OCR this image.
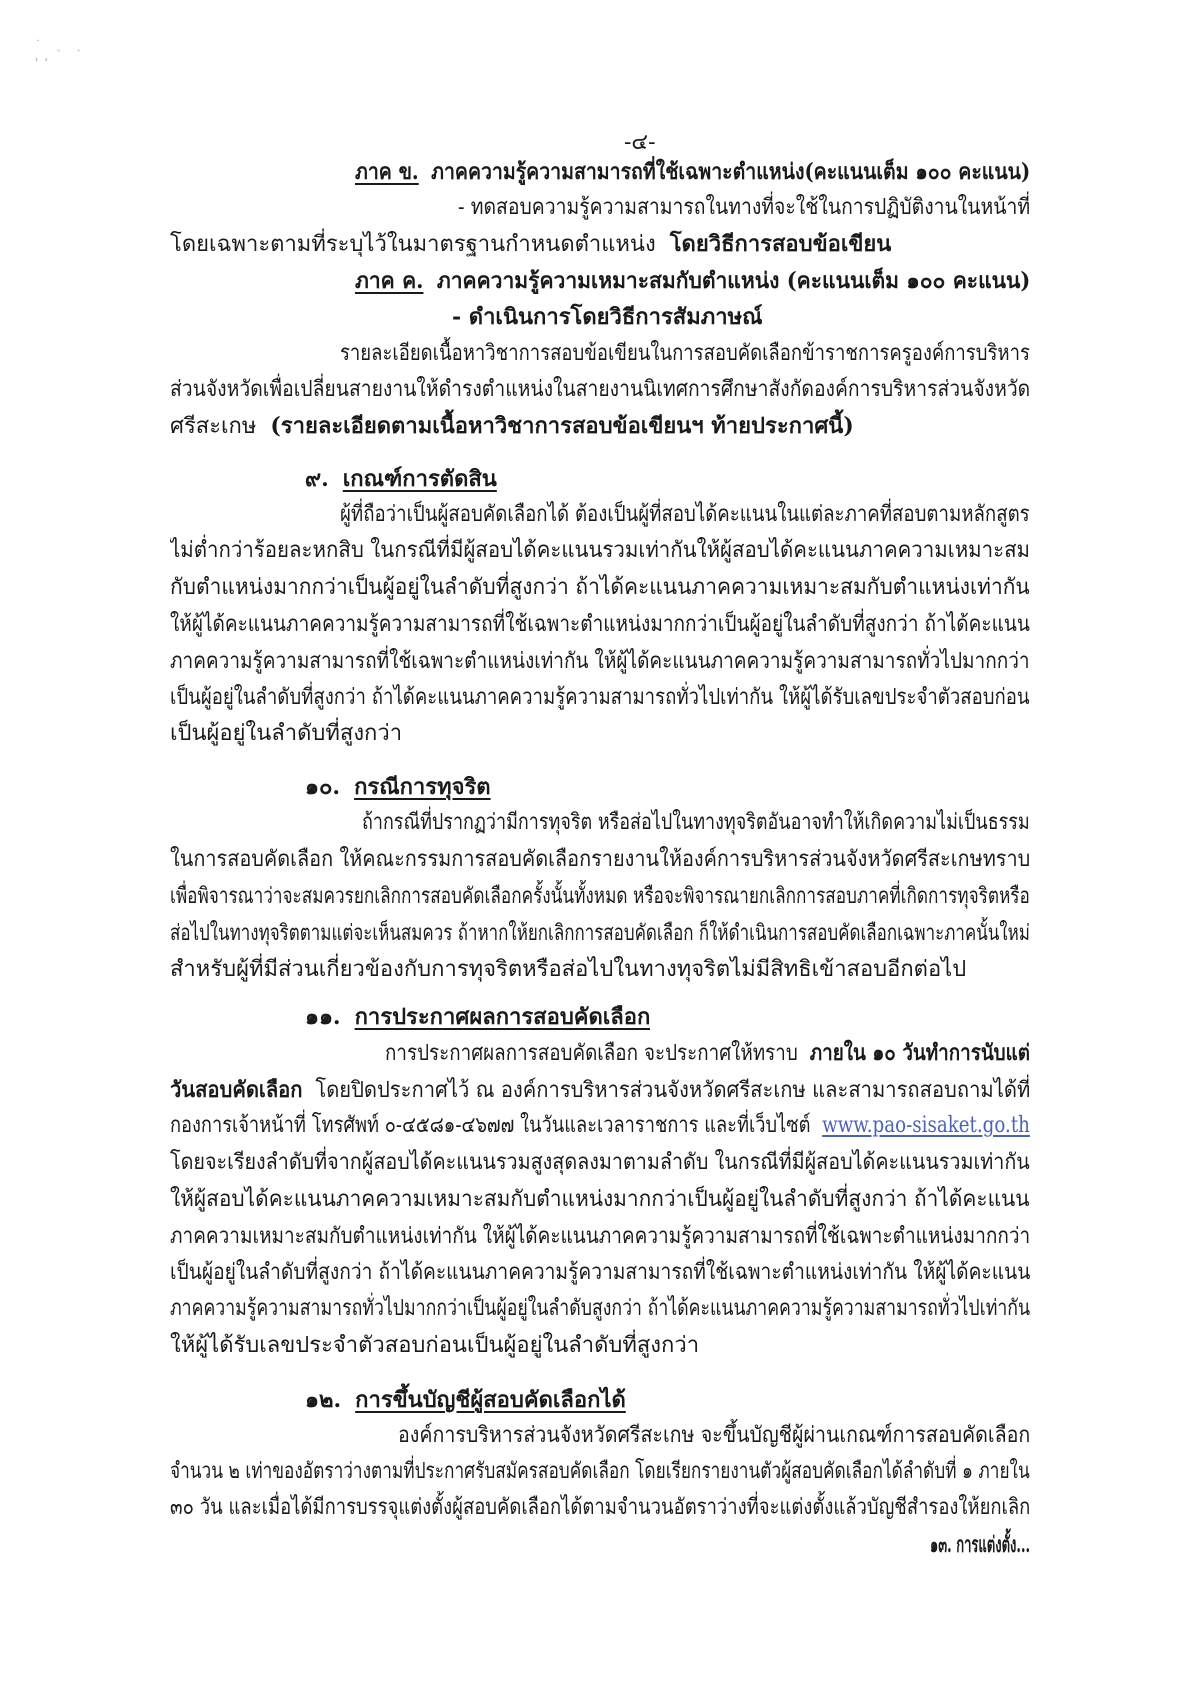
˙ ˏ ˎ
˒˒
-๔-
ภาค ข. ภาคความรู้ความสามารถที่ใช้เฉพาะตำแหน่ง(คะแนนเต็ม ๑๐๐ คะแนน)
- ทดสอบความรู้ความสามารถในทางที่จะใช้ในการปฏิบัติงานในหน้าที่
โดยเฉพาะตามที่ระบุไว้ในมาตรฐานกำหนดตำแหน่ง โดยวิธีการสอบข้อเขียน
ภาค ค. ภาคความรู้ความเหมาะสมกับตำแหน่ง (คะแนนเต็ม ๑๐๐ คะแนน)
- ดำเนินการโดยวิธีการสัมภาษณ์
รายละเอียดเนื้อหาวิชาการสอบข้อเขียนในการสอบคัดเลือกข้าราชการครูองค์การบริหาร
ส่วนจังหวัดเพื่อเปลี่ยนสายงานให้ดำรงตำแหน่งในสายงานนิเทศการศึกษาสังกัดองค์การบริหารส่วนจังหวัด
ศรีสะเกษ (รายละเอียดตามเนื้อหาวิชาการสอบข้อเขียนฯ ท้ายประกาศนี้)
๙. เกณฑ์การตัดสิน
ผู้ที่ถือว่าเป็นผู้สอบคัดเลือกได้ ต้องเป็นผู้ที่สอบได้คะแนนในแต่ละภาคที่สอบตามหลักสูตร
ไม่ต่ำกว่าร้อยละหกสิบ ในกรณีที่มีผู้สอบได้คะแนนรวมเท่ากันให้ผู้สอบได้คะแนนภาคความเหมาะสม
กับตำแหน่งมากกว่าเป็นผู้อยู่ในลำดับที่สูงกว่า ถ้าได้คะแนนภาคความเหมาะสมกับตำแหน่งเท่ากัน
ให้ผู้ได้คะแนนภาคความรู้ความสามารถที่ใช้เฉพาะตำแหน่งมากกว่าเป็นผู้อยู่ในลำดับที่สูงกว่า ถ้าได้คะแนน
ภาคความรู้ความสามารถที่ใช้เฉพาะตำแหน่งเท่ากัน ให้ผู้ได้คะแนนภาคความรู้ความสามารถทั่วไปมากกว่า
เป็นผู้อยู่ในลำดับที่สูงกว่า ถ้าได้คะแนนภาคความรู้ความสามารถทั่วไปเท่ากัน ให้ผู้ได้รับเลขประจำตัวสอบก่อน
เป็นผู้อยู่ในลำดับที่สูงกว่า
๑๐. กรณีการทุจริต
ถ้ากรณีที่ปรากฏว่ามีการทุจริต หรือส่อไปในทางทุจริตอันอาจทำให้เกิดความไม่เป็นธรรม
ในการสอบคัดเลือก ให้คณะกรรมการสอบคัดเลือกรายงานให้องค์การบริหารส่วนจังหวัดศรีสะเกษทราบ
เพื่อพิจารณาว่าจะสมควรยกเลิกการสอบคัดเลือกครั้งนั้นทั้งหมด หรือจะพิจารณายกเลิกการสอบภาคที่เกิดการทุจริตหรือ
ส่อไปในทางทุจริตตามแต่จะเห็นสมควร ถ้าหากให้ยกเลิกการสอบคัดเลือก ก็ให้ดำเนินการสอบคัดเลือกเฉพาะภาคนั้นใหม่
สำหรับผู้ที่มีส่วนเกี่ยวข้องกับการทุจริตหรือส่อไปในทางทุจริตไม่มีสิทธิเข้าสอบอีกต่อไป
๑๑. การประกาศผลการสอบคัดเลือก
การประกาศผลการสอบคัดเลือก จะประกาศให้ทราบ ภายใน ๑๐ วันทำการนับแต่
วันสอบคัดเลือก โดยปิดประกาศไว้ ณ องค์การบริหารส่วนจังหวัดศรีสะเกษ และสามารถสอบถามได้ที่
กองการเจ้าหน้าที่ โทรศัพท์ ๐-๔๕๘๑-๔๖๗๗ ในวันและเวลาราชการ และที่เว็บไซต์ www.pao-sisaket.go.th
โดยจะเรียงลำดับที่จากผู้สอบได้คะแนนรวมสูงสุดลงมาตามลำดับ ในกรณีที่มีผู้สอบได้คะแนนรวมเท่ากัน
ให้ผู้สอบได้คะแนนภาคความเหมาะสมกับตำแหน่งมากกว่าเป็นผู้อยู่ในลำดับที่สูงกว่า ถ้าได้คะแนน
ภาคความเหมาะสมกับตำแหน่งเท่ากัน ให้ผู้ได้คะแนนภาคความรู้ความสามารถที่ใช้เฉพาะตำแหน่งมากกว่า
เป็นผู้อยู่ในลำดับที่สูงกว่า ถ้าได้คะแนนภาคความรู้ความสามารถที่ใช้เฉพาะตำแหน่งเท่ากัน ให้ผู้ได้คะแนน
ภาคความรู้ความสามารถทั่วไปมากกว่าเป็นผู้อยู่ในลำดับสูงกว่า ถ้าได้คะแนนภาคความรู้ความสามารถทั่วไปเท่ากัน
ให้ผู้ได้รับเลขประจำตัวสอบก่อนเป็นผู้อยู่ในลำดับที่สูงกว่า
๑๒. การขึ้นบัญชีผู้สอบคัดเลือกได้
องค์การบริหารส่วนจังหวัดศรีสะเกษ จะขึ้นบัญชีผู้ผ่านเกณฑ์การสอบคัดเลือก
จำนวน ๒ เท่าของอัตราว่างตามที่ประกาศรับสมัครสอบคัดเลือก โดยเรียกรายงานตัวผู้สอบคัดเลือกได้ลำดับที่ ๑ ภายใน
๓๐ วัน และเมื่อได้มีการบรรจุแต่งตั้งผู้สอบคัดเลือกได้ตามจำนวนอัตราว่างที่จะแต่งตั้งแล้วบัญชีสำรองให้ยกเลิก
๑๓. การแต่งตั้ง...
